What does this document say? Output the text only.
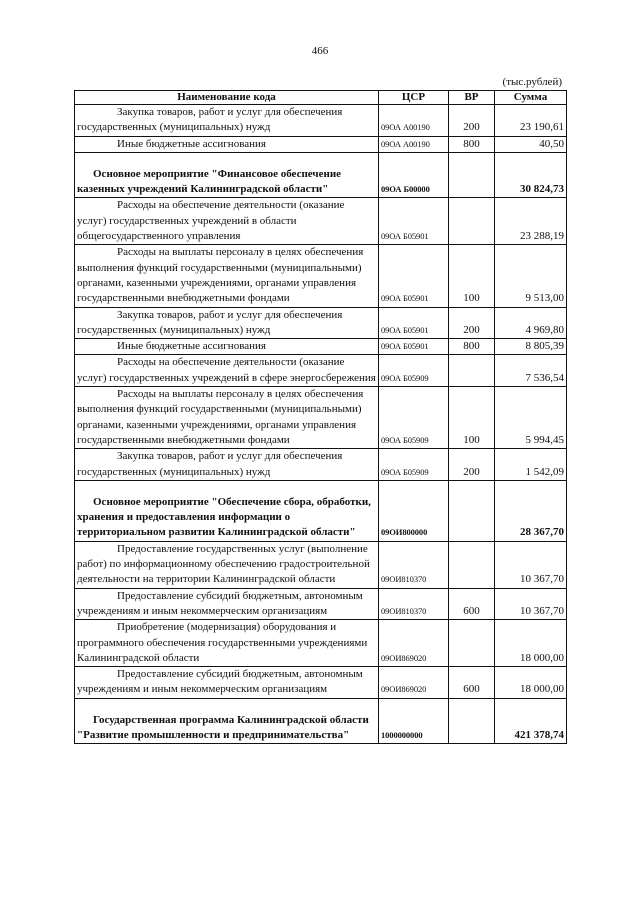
466
(тыс.рублей)
Наименование кода	ЦСР	ВР	Сумма
Закупка товаров, работ и услуг для обеспечения государственных (муниципальных) нужд	09ОА А00190	200	23 190,61
Иные бюджетные ассигнования	09ОА А00190	800	40,50
Основное мероприятие "Финансовое обеспечение казенных учреждений Калининградской области"	09ОА Б00000		30 824,73
Расходы на обеспечение деятельности (оказание услуг) государственных учреждений в области общегосударственного управления	09ОА Б05901		23 288,19
Расходы на выплаты персоналу в целях обеспечения выполнения функций государственными (муниципальными) органами, казенными учреждениями, органами управления государственными внебюджетными фондами	09ОА Б05901	100	9 513,00
Закупка товаров, работ и услуг для обеспечения государственных (муниципальных) нужд	09ОА Б05901	200	4 969,80
Иные бюджетные ассигнования	09ОА Б05901	800	8 805,39
Расходы на обеспечение деятельности (оказание услуг) государственных учреждений в сфере энергосбережения	09ОА Б05909		7 536,54
Расходы на выплаты персоналу в целях обеспечения выполнения функций государственными (муниципальными) органами, казенными учреждениями, органами управления государственными внебюджетными фондами	09ОА Б05909	100	5 994,45
Закупка товаров, работ и услуг для обеспечения государственных (муниципальных) нужд	09ОА Б05909	200	1 542,09
Основное мероприятие "Обеспечение сбора, обработки, хранения и предоставления информации о территориальном развитии Калининградской области"	09ОИ800000		28 367,70
Предоставление государственных услуг (выполнение работ) по информационному обеспечению градостроительной деятельности на территории Калининградской области	09ОИ810370		10 367,70
Предоставление субсидий бюджетным, автономным учреждениям и иным некоммерческим организациям	09ОИ810370	600	10 367,70
Приобретение (модернизация) оборудования и программного обеспечения государственными учреждениями Калининградской области	09ОИ869020		18 000,00
Предоставление субсидий бюджетным, автономным учреждениям и иным некоммерческим организациям	09ОИ869020	600	18 000,00
Государственная программа Калининградской области "Развитие промышленности и предпринимательства"	1000000000		421 378,74
